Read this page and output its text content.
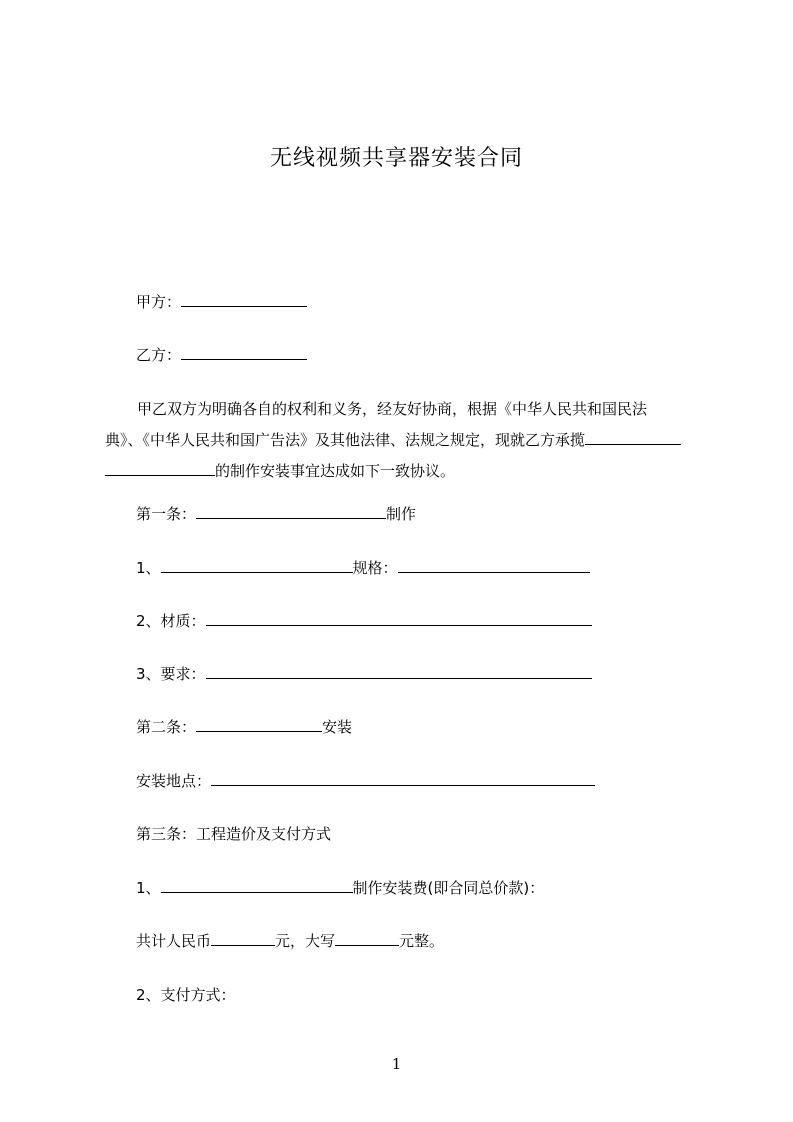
无线视频共享器安装合同
甲方：
乙方：
甲乙双方为明确各自的权利和义务，经友好协商，根据《中华人民共和国民法
典》、《中华人民共和国广告法》及其他法律、法规之规定，现就乙方承揽
的制作安装事宜达成如下一致协议。
第一条：	制作
1、	规格：
2、材质：
3、要求：
第二条：	安装
安装地点：
第三条：工程造价及支付方式
1、	制作安装费(即合同总价款)：
共计人民币	元，大写	元整。
2、支付方式：
1
